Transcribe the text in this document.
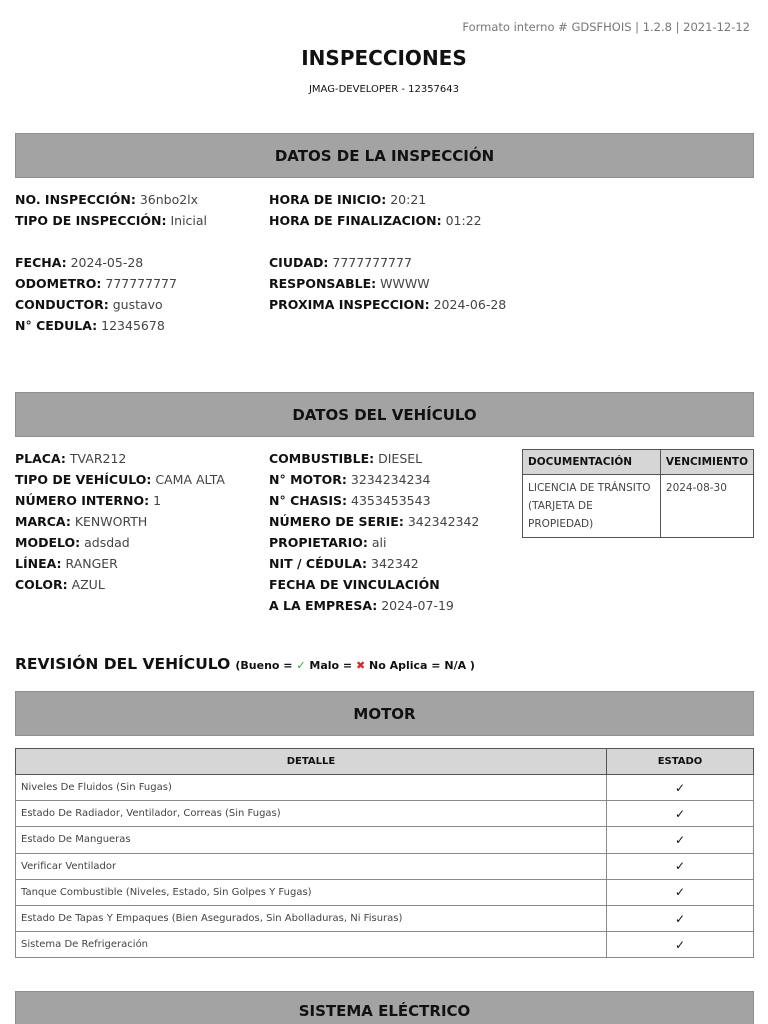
Formato interno # GDSFHOIS | 1.2.8 | 2021-12-12
INSPECCIONES
JMAG-DEVELOPER - 12357643
DATOS DE LA INSPECCIÓN
NO. INSPECCIÓN: 36nbo2lx
TIPO DE INSPECCIÓN: Inicial
HORA DE INICIO: 20:21
HORA DE FINALIZACION: 01:22
FECHA: 2024-05-28
ODOMETRO: 777777777
CONDUCTOR: gustavo
N° CEDULA: 12345678
CIUDAD: 7777777777
RESPONSABLE: WWWW
PROXIMA INSPECCION: 2024-06-28
DATOS DEL VEHÍCULO
PLACA: TVAR212
TIPO DE VEHÍCULO: CAMA ALTA
NÚMERO INTERNO: 1
MARCA: KENWORTH
MODELO: adsdad
LÍNEA: RANGER
COLOR: AZUL
COMBUSTIBLE: DIESEL
N° MOTOR: 3234234234
N° CHASIS: 4353453543
NÚMERO DE SERIE: 342342342
PROPIETARIO: ali
NIT / CÉDULA: 342342
FECHA DE VINCULACIÓN
A LA EMPRESA: 2024-07-19
DOCUMENTACIÓN	VENCIMIENTO

LICENCIA DE TRÁNSITO
(TARJETA DE PROPIEDAD)	2024-08-30
REVISIÓN DEL VEHÍCULO (Bueno = ✓ Malo = ✖ No Aplica = N/A )
MOTOR
DETALLE	ESTADO
Niveles De Fluidos (Sin Fugas)	✓
Estado De Radiador, Ventilador, Correas (Sin Fugas)	✓
Estado De Mangueras	✓
Verificar Ventilador	✓
Tanque Combustible (Niveles, Estado, Sin Golpes Y Fugas)	✓
Estado De Tapas Y Empaques (Bien Asegurados, Sin Abolladuras, Ni Fisuras)	✓
Sistema De Refrigeración	✓
SISTEMA ELÉCTRICO
